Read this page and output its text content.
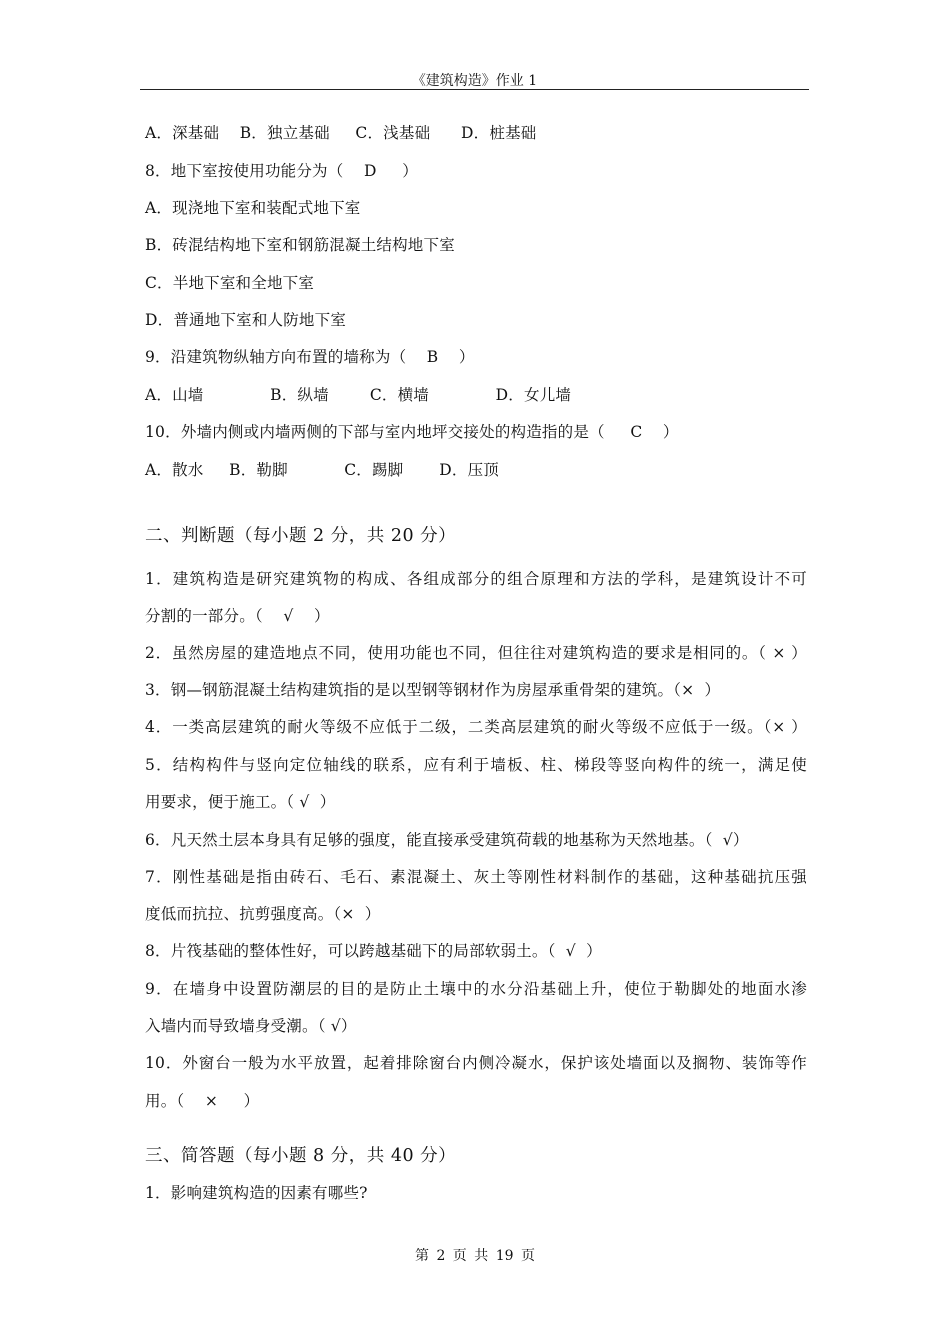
《建筑构造》作业 1
A．深基础    B．独立基础     C．浅基础      D．桩基础
8．地下室按使用功能分为（    D     ）
A．现浇地下室和装配式地下室
B．砖混结构地下室和钢筋混凝土结构地下室
C．半地下室和全地下室
D．普通地下室和人防地下室
9．沿建筑物纵轴方向布置的墙称为（    B    ）
A．山墙             B．纵墙        C．横墙             D．女儿墙
10．外墙内侧或内墙两侧的下部与室内地坪交接处的构造指的是（     C    ）
A．散水     B．勒脚           C．踢脚       D．压顶
二、判断题（每小题 2 分，共 20 分）
1．建筑构造是研究建筑物的构成、各组成部分的组合原理和方法的学科，是建筑设计不可
分割的一部分。（    √    ）
2．虽然房屋的建造地点不同，使用功能也不同，但往往对建筑构造的要求是相同的。（ × ）
3．钢—钢筋混凝土结构建筑指的是以型钢等钢材作为房屋承重骨架的建筑。（×  ）
4．一类高层建筑的耐火等级不应低于二级，二类高层建筑的耐火等级不应低于一级。（× ）
5．结构构件与竖向定位轴线的联系，应有利于墙板、柱、梯段等竖向构件的统一，满足使
用要求，便于施工。（ √  ）
6．凡天然土层本身具有足够的强度，能直接承受建筑荷载的地基称为天然地基。（  √）
7．刚性基础是指由砖石、毛石、素混凝土、灰土等刚性材料制作的基础，这种基础抗压强
度低而抗拉、抗剪强度高。（×  ）
8．片筏基础的整体性好，可以跨越基础下的局部软弱土。（  √  ）
9．在墙身中设置防潮层的目的是防止土壤中的水分沿基础上升，使位于勒脚处的地面水渗
入墙内而导致墙身受潮。（ √）
10．外窗台一般为水平放置，起着排除窗台内侧冷凝水，保护该处墙面以及搁物、装饰等作
用。（    ×     ）
三、简答题（每小题 8 分，共 40 分）
1．影响建筑构造的因素有哪些?
第 2 页 共 19 页
